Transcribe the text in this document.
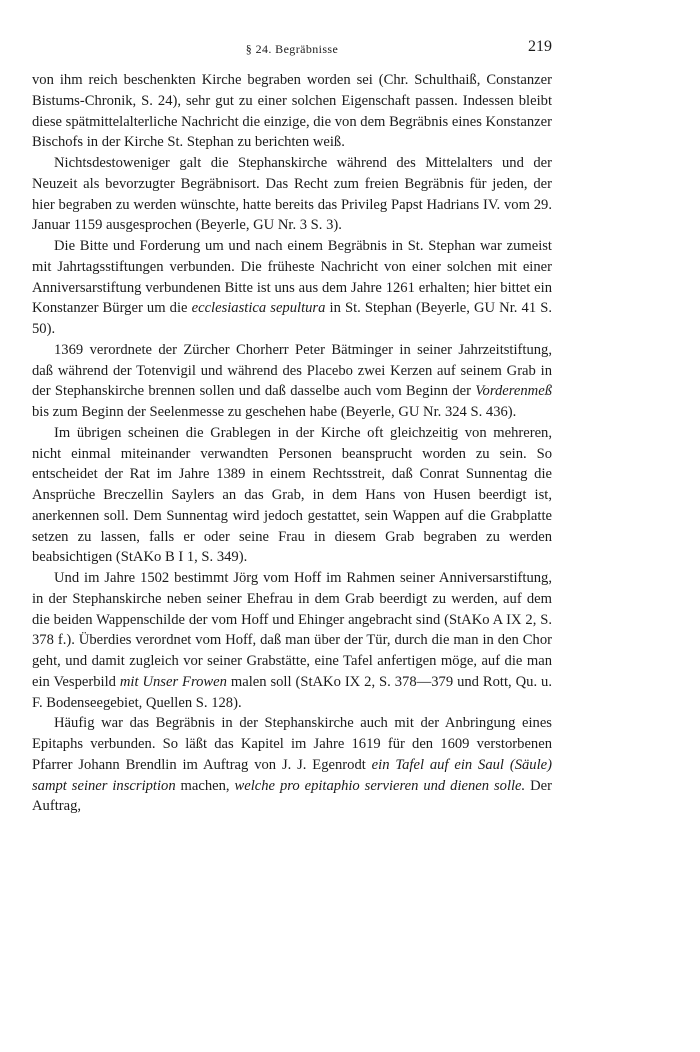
§ 24. Begräbnisse	219

von ihm reich beschenkten Kirche begraben worden sei (Chr. Schulthaiß, Constanzer Bistums-Chronik, S. 24), sehr gut zu einer solchen Eigenschaft passen. Indessen bleibt diese spätmittelalterliche Nachricht die einzige, die von dem Begräbnis eines Konstanzer Bischofs in der Kirche St. Stephan zu berichten weiß.

Nichtsdestoweniger galt die Stephanskirche während des Mittelalters und der Neuzeit als bevorzugter Begräbnisort. Das Recht zum freien Begräbnis für jeden, der hier begraben zu werden wünschte, hatte bereits das Privileg Papst Hadrians IV. vom 29. Januar 1159 ausgesprochen (Beyerle, GU Nr. 3 S. 3).

Die Bitte und Forderung um und nach einem Begräbnis in St. Stephan war zumeist mit Jahrtagsstiftungen verbunden. Die früheste Nachricht von einer solchen mit einer Anniversarstiftung verbundenen Bitte ist uns aus dem Jahre 1261 erhalten; hier bittet ein Konstanzer Bürger um die ecclesiastica sepultura in St. Stephan (Beyerle, GU Nr. 41 S. 50).

1369 verordnete der Zürcher Chorherr Peter Bätminger in seiner Jahrzeitstiftung, daß während der Totenvigil und während des Placebo zwei Kerzen auf seinem Grab in der Stephanskirche brennen sollen und daß dasselbe auch vom Beginn der Vorderenmeß bis zum Beginn der Seelenmesse zu geschehen habe (Beyerle, GU Nr. 324 S. 436).

Im übrigen scheinen die Grablegen in der Kirche oft gleichzeitig von mehreren, nicht einmal miteinander verwandten Personen beansprucht worden zu sein. So entscheidet der Rat im Jahre 1389 in einem Rechtsstreit, daß Conrat Sunnentag die Ansprüche Breczellin Saylers an das Grab, in dem Hans von Husen beerdigt ist, anerkennen soll. Dem Sunnentag wird jedoch gestattet, sein Wappen auf die Grabplatte setzen zu lassen, falls er oder seine Frau in diesem Grab begraben zu werden beabsichtigen (StAKo B I 1, S. 349).

Und im Jahre 1502 bestimmt Jörg vom Hoff im Rahmen seiner Anniversarstiftung, in der Stephanskirche neben seiner Ehefrau in dem Grab beerdigt zu werden, auf dem die beiden Wappenschilde der vom Hoff und Ehinger angebracht sind (StAKo A IX 2, S. 378 f.). Überdies verordnet vom Hoff, daß man über der Tür, durch die man in den Chor geht, und damit zugleich vor seiner Grabstätte, eine Tafel anfertigen möge, auf die man ein Vesperbild mit Unser Frowen malen soll (StAKo IX 2, S. 378—379 und Rott, Qu. u. F. Bodenseegebiet, Quellen S. 128).

Häufig war das Begräbnis in der Stephanskirche auch mit der Anbringung eines Epitaphs verbunden. So läßt das Kapitel im Jahre 1619 für den 1609 verstorbenen Pfarrer Johann Brendlin im Auftrag von J. J. Egenrodt ein Tafel auf ein Saul (Säule) sampt seiner inscription machen, welche pro epitaphio servieren und dienen solle. Der Auftrag,
